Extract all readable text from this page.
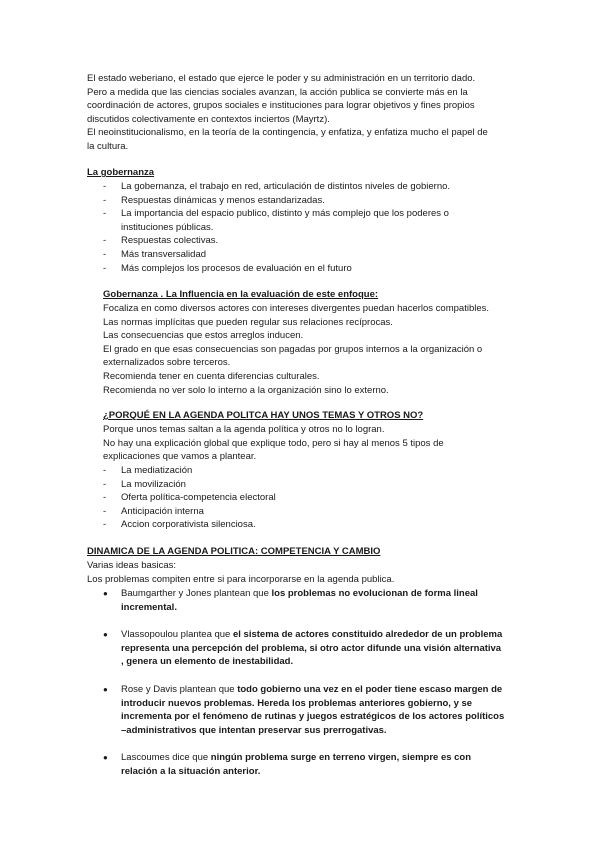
El estado weberiano, el estado que ejerce le poder y su administración en un territorio dado.
Pero a medida que las ciencias sociales avanzan, la acción publica se convierte más en la
coordinación de actores, grupos sociales e instituciones para lograr objetivos y fines propios
discutidos colectivamente en contextos inciertos (Mayrtz).
El neoinstitucionalismo, en la teoría de la contingencia, y enfatiza, y enfatiza mucho el papel de
la cultura.
La gobernanza
- La gobernanza, el trabajo en red, articulación de distintos niveles de gobierno.
- Respuestas dinámicas y menos estandarizadas.
- La importancia del espacio publico, distinto y más complejo que los poderes o
instituciones públicas.
- Respuestas colectivas.
- Más transversalidad
- Más complejos los procesos de evaluación en el futuro
Gobernanza . La Influencia en la evaluación de este enfoque:
Focaliza en como diversos actores con intereses divergentes puedan hacerlos compatibles.
Las normas implícitas que pueden regular sus relaciones recíprocas.
Las consecuencias que estos arreglos inducen.
El grado en que esas consecuencias son pagadas por grupos internos a la organización o
externalizados sobre terceros.
Recomienda tener en cuenta diferencias culturales.
Recomienda no ver solo lo interno a la organización sino lo externo.
¿PORQUÉ EN LA AGENDA POLITCA HAY UNOS TEMAS Y OTROS NO?
Porque unos temas saltan a la agenda política y otros no lo logran.
No hay una explicación global que explique todo, pero si hay al menos 5 tipos de
explicaciones que vamos a plantear.
- La mediatización
- La movilización
- Oferta política-competencia electoral
- Anticipación interna
- Accion corporativista silenciosa.
DINAMICA DE LA AGENDA POLITICA: COMPETENCIA Y CAMBIO
Varias ideas basicas:
Los problemas compiten entre si para incorporarse en la agenda publica.
●
Baumgarther y Jones plantean que los problemas no evolucionan de forma lineal
incremental.
●
Vlassopoulou plantea que el sistema de actores constituido alrededor de un problema
representa una percepción del problema, si otro actor difunde una visión alternativa
, genera un elemento de inestabilidad.
●
Rose y Davis plantean que todo gobierno una vez en el poder tiene escaso margen de
introducir nuevos problemas. Hereda los problemas anteriores gobierno, y se
incrementa por el fenómeno de rutinas y juegos estratégicos de los actores políticos
–administrativos que intentan preservar sus prerrogativas.
●
Lascoumes dice que ningún problema surge en terreno virgen, siempre es con
relación a la situación anterior.
